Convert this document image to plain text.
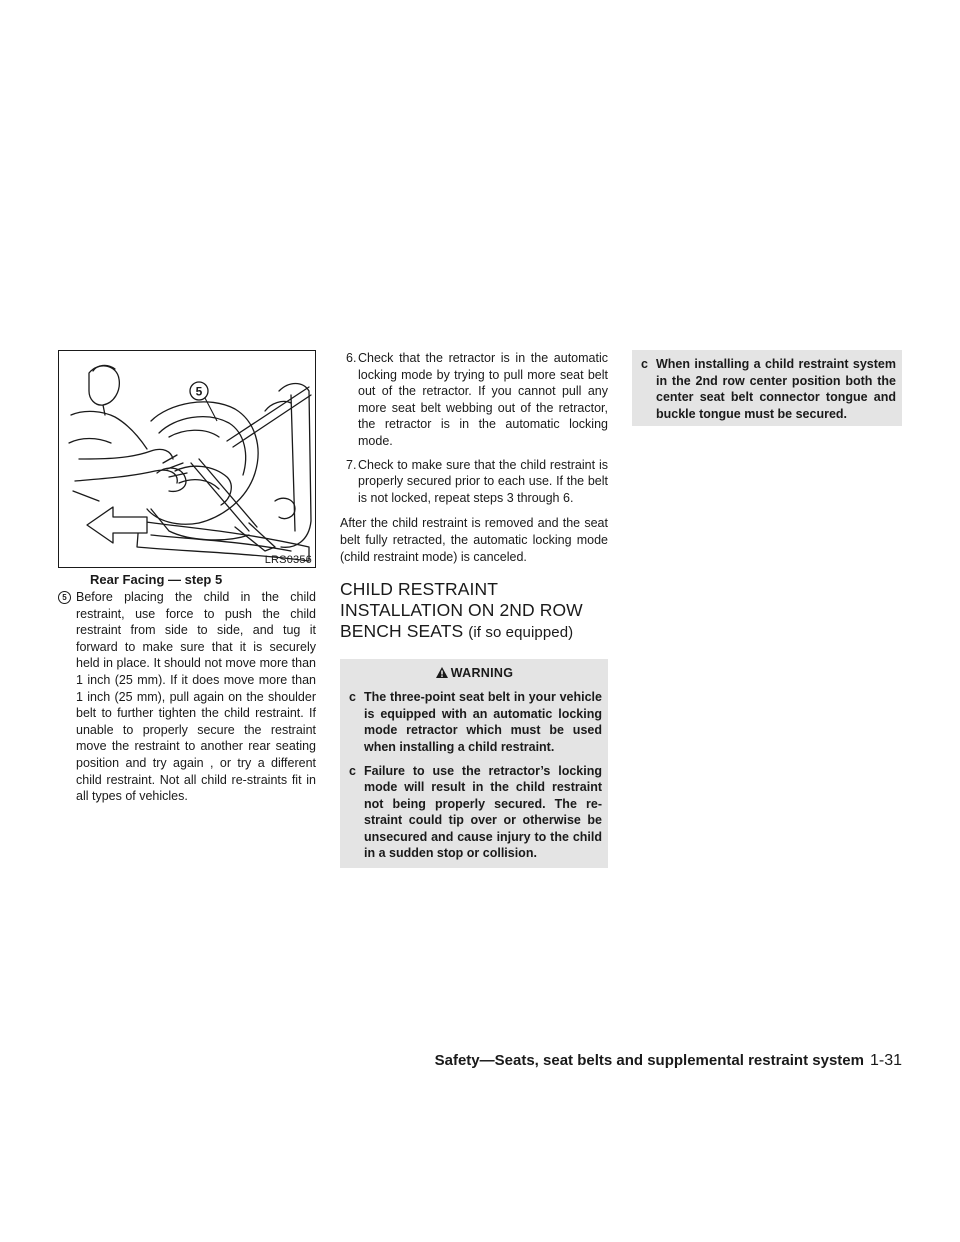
5
LRS0356
Rear Facing — step 5

5 Before placing the child in the child restraint, use force to push the child restraint from side to side, and tug it forward to make sure that it is securely held in place. It should not move more than 1 inch (25 mm). If it does move more than 1 inch (25 mm), pull again on the shoulder belt to further tighten the child restraint. If unable to properly secure the restraint move the restraint to another rear seating position and try again , or try a different child restraint. Not all child re-straints fit in all types of vehicles.

6. Check that the retractor is in the automatic locking mode by trying to pull more seat belt out of the retractor. If you cannot pull any more seat belt webbing out of the retractor, the retractor is in the automatic locking mode.

7. Check to make sure that the child restraint is properly secured prior to each use. If the belt is not locked, repeat steps 3 through 6.

After the child restraint is removed and the seat belt fully retracted, the automatic locking mode (child restraint mode) is canceled.

CHILD RESTRAINT INSTALLATION ON 2ND ROW BENCH SEATS (if so equipped)
WARNING

c The three-point seat belt in your vehicle is equipped with an automatic locking mode retractor which must be used when installing a child restraint.

c Failure to use the retractor’s locking mode will result in the child restraint not being properly secured. The re-straint could tip over or otherwise be unsecured and cause injury to the child in a sudden stop or collision.

c When installing a child restraint system in the 2nd row center position both the center seat belt connector tongue and buckle tongue must be secured.

Safety—Seats, seat belts and supplemental restraint system 1-31
